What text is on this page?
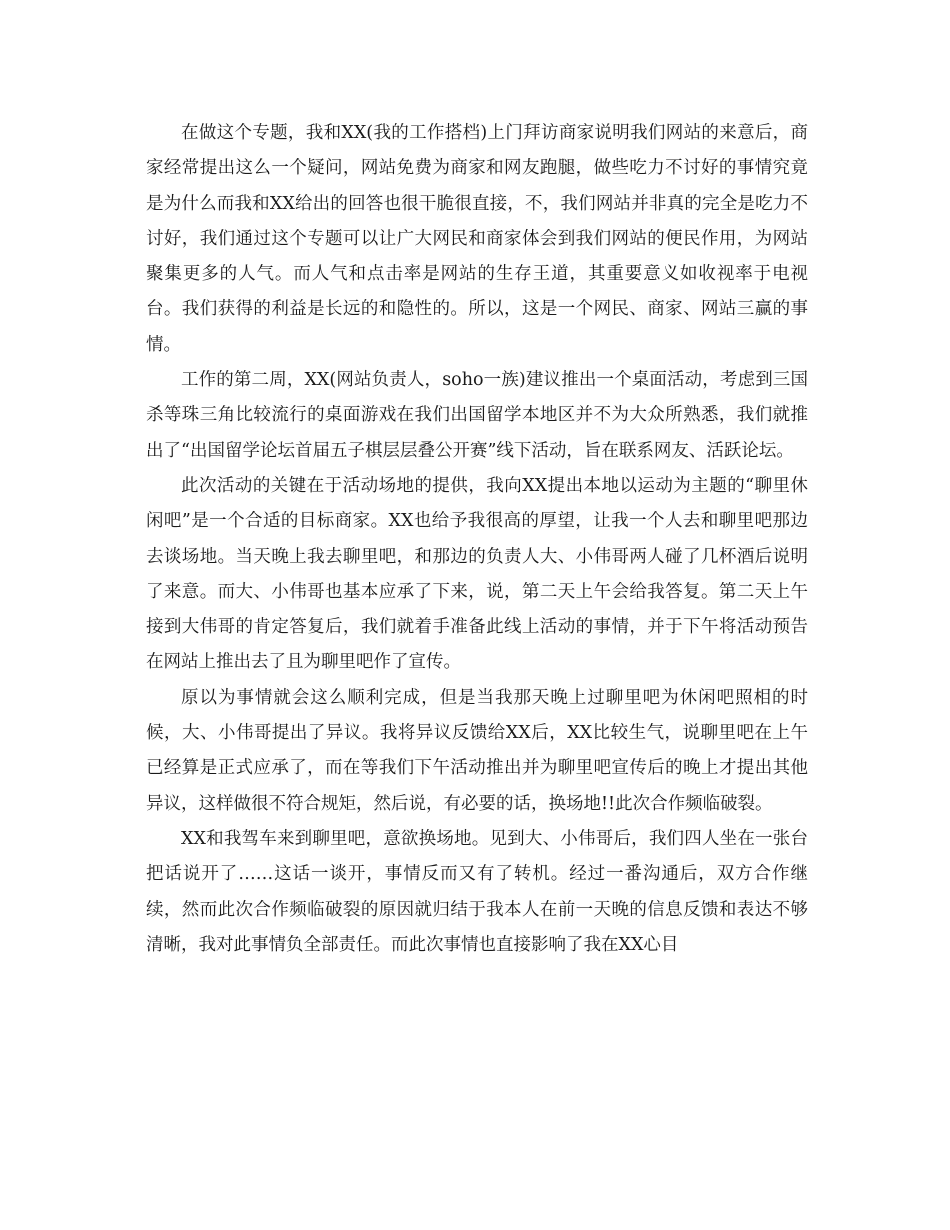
在做这个专题，我和XX(我的工作搭档)上门拜访商家说明我们网站的来意后，商家经常提出这么一个疑问，网站免费为商家和网友跑腿，做些吃力不讨好的事情究竟是为什么而我和XX给出的回答也很干脆很直接，不，我们网站并非真的完全是吃力不讨好，我们通过这个专题可以让广大网民和商家体会到我们网站的便民作用，为网站聚集更多的人气。而人气和点击率是网站的生存王道，其重要意义如收视率于电视台。我们获得的利益是长远的和隐性的。所以，这是一个网民、商家、网站三赢的事情。

工作的第二周，XX(网站负责人，soho一族)建议推出一个桌面活动，考虑到三国杀等珠三角比较流行的桌面游戏在我们出国留学本地区并不为大众所熟悉，我们就推出了“出国留学论坛首届五子棋层层叠公开赛”线下活动，旨在联系网友、活跃论坛。

此次活动的关键在于活动场地的提供，我向XX提出本地以运动为主题的“聊里休闲吧”是一个合适的目标商家。XX也给予我很高的厚望，让我一个人去和聊里吧那边去谈场地。当天晚上我去聊里吧，和那边的负责人大、小伟哥两人碰了几杯酒后说明了来意。而大、小伟哥也基本应承了下来，说，第二天上午会给我答复。第二天上午接到大伟哥的肯定答复后，我们就着手准备此线上活动的事情，并于下午将活动预告在网站上推出去了且为聊里吧作了宣传。

原以为事情就会这么顺利完成，但是当我那天晚上过聊里吧为休闲吧照相的时候，大、小伟哥提出了异议。我将异议反馈给XX后，XX比较生气，说聊里吧在上午已经算是正式应承了，而在等我们下午活动推出并为聊里吧宣传后的晚上才提出其他异议，这样做很不符合规矩，然后说，有必要的话，换场地!!此次合作频临破裂。

XX和我驾车来到聊里吧，意欲换场地。见到大、小伟哥后，我们四人坐在一张台把话说开了……这话一谈开，事情反而又有了转机。经过一番沟通后，双方合作继续，然而此次合作频临破裂的原因就归结于我本人在前一天晚的信息反馈和表达不够清晰，我对此事情负全部责任。而此次事情也直接影响了我在XX心目
